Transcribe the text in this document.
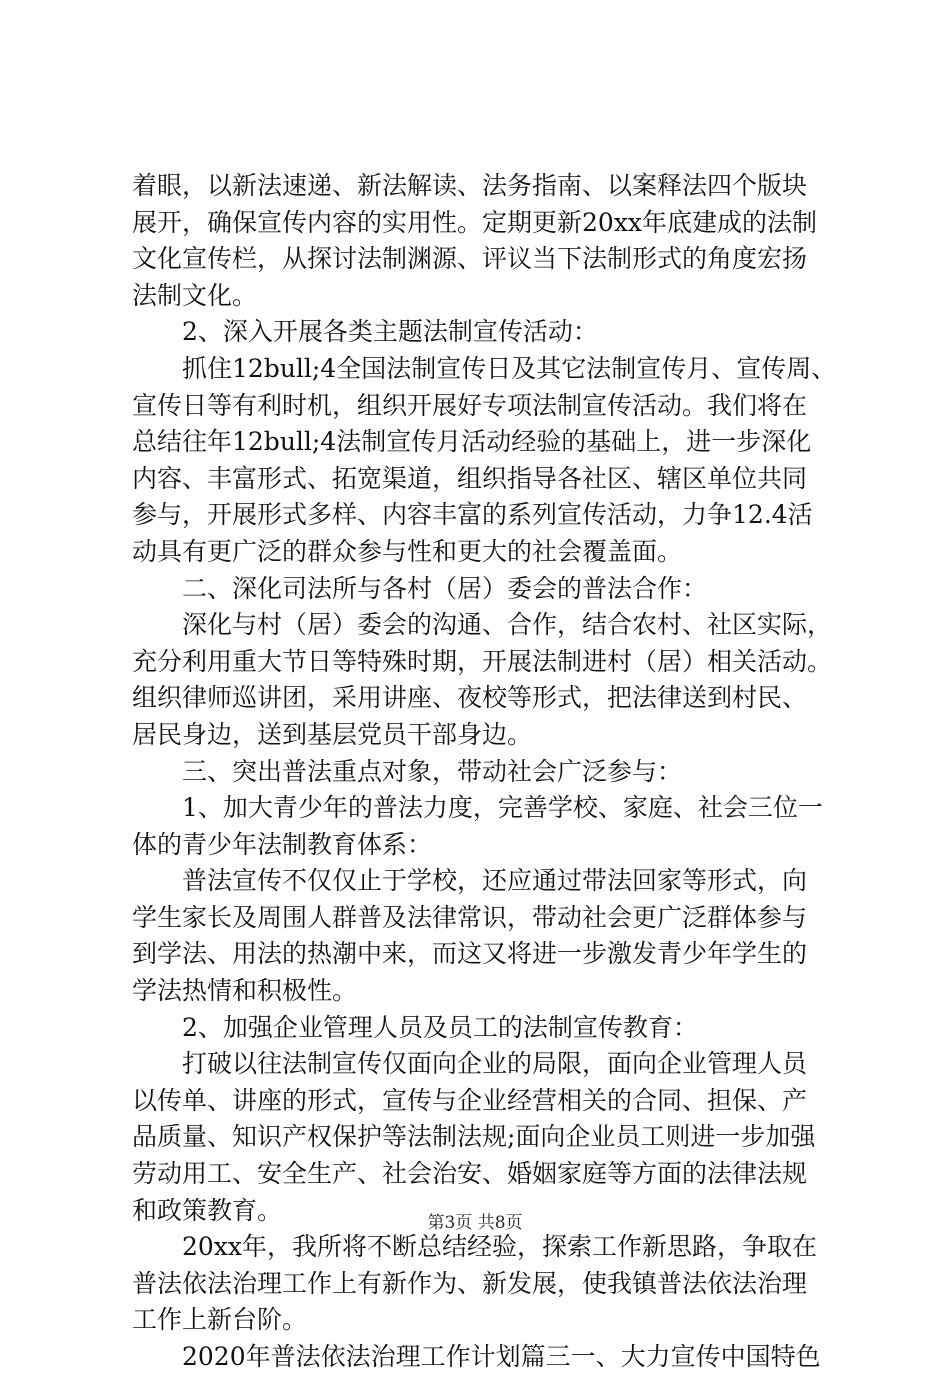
着眼，以新法速递、新法解读、法务指南、以案释法四个版块
展开，确保宣传内容的实用性。定期更新20xx年底建成的法制
文化宣传栏，从探讨法制渊源、评议当下法制形式的角度宏扬
法制文化。
　　2、深入开展各类主题法制宣传活动：
　　抓住12bull;4全国法制宣传日及其它法制宣传月、宣传周、
宣传日等有利时机，组织开展好专项法制宣传活动。我们将在
总结往年12bull;4法制宣传月活动经验的基础上，进一步深化
内容、丰富形式、拓宽渠道，组织指导各社区、辖区单位共同
参与，开展形式多样、内容丰富的系列宣传活动，力争12.4活
动具有更广泛的群众参与性和更大的社会覆盖面。
　　二、深化司法所与各村（居）委会的普法合作：
　　深化与村（居）委会的沟通、合作，结合农村、社区实际，
充分利用重大节日等特殊时期，开展法制进村（居）相关活动。
组织律师巡讲团，采用讲座、夜校等形式，把法律送到村民、
居民身边，送到基层党员干部身边。
　　三、突出普法重点对象，带动社会广泛参与：
　　1、加大青少年的普法力度，完善学校、家庭、社会三位一
体的青少年法制教育体系：
　　普法宣传不仅仅止于学校，还应通过带法回家等形式，向
学生家长及周围人群普及法律常识，带动社会更广泛群体参与
到学法、用法的热潮中来，而这又将进一步激发青少年学生的
学法热情和积极性。
　　2、加强企业管理人员及员工的法制宣传教育：
　　打破以往法制宣传仅面向企业的局限，面向企业管理人员
以传单、讲座的形式，宣传与企业经营相关的合同、担保、产
品质量、知识产权保护等法制法规;面向企业员工则进一步加强
劳动用工、安全生产、社会治安、婚姻家庭等方面的法律法规
和政策教育。
　　20xx年，我所将不断总结经验，探索工作新思路，争取在
普法依法治理工作上有新作为、新发展，使我镇普法依法治理
工作上新台阶。
　　2020年普法依法治理工作计划篇三一、大力宣传中国特色
第3页 共8页
